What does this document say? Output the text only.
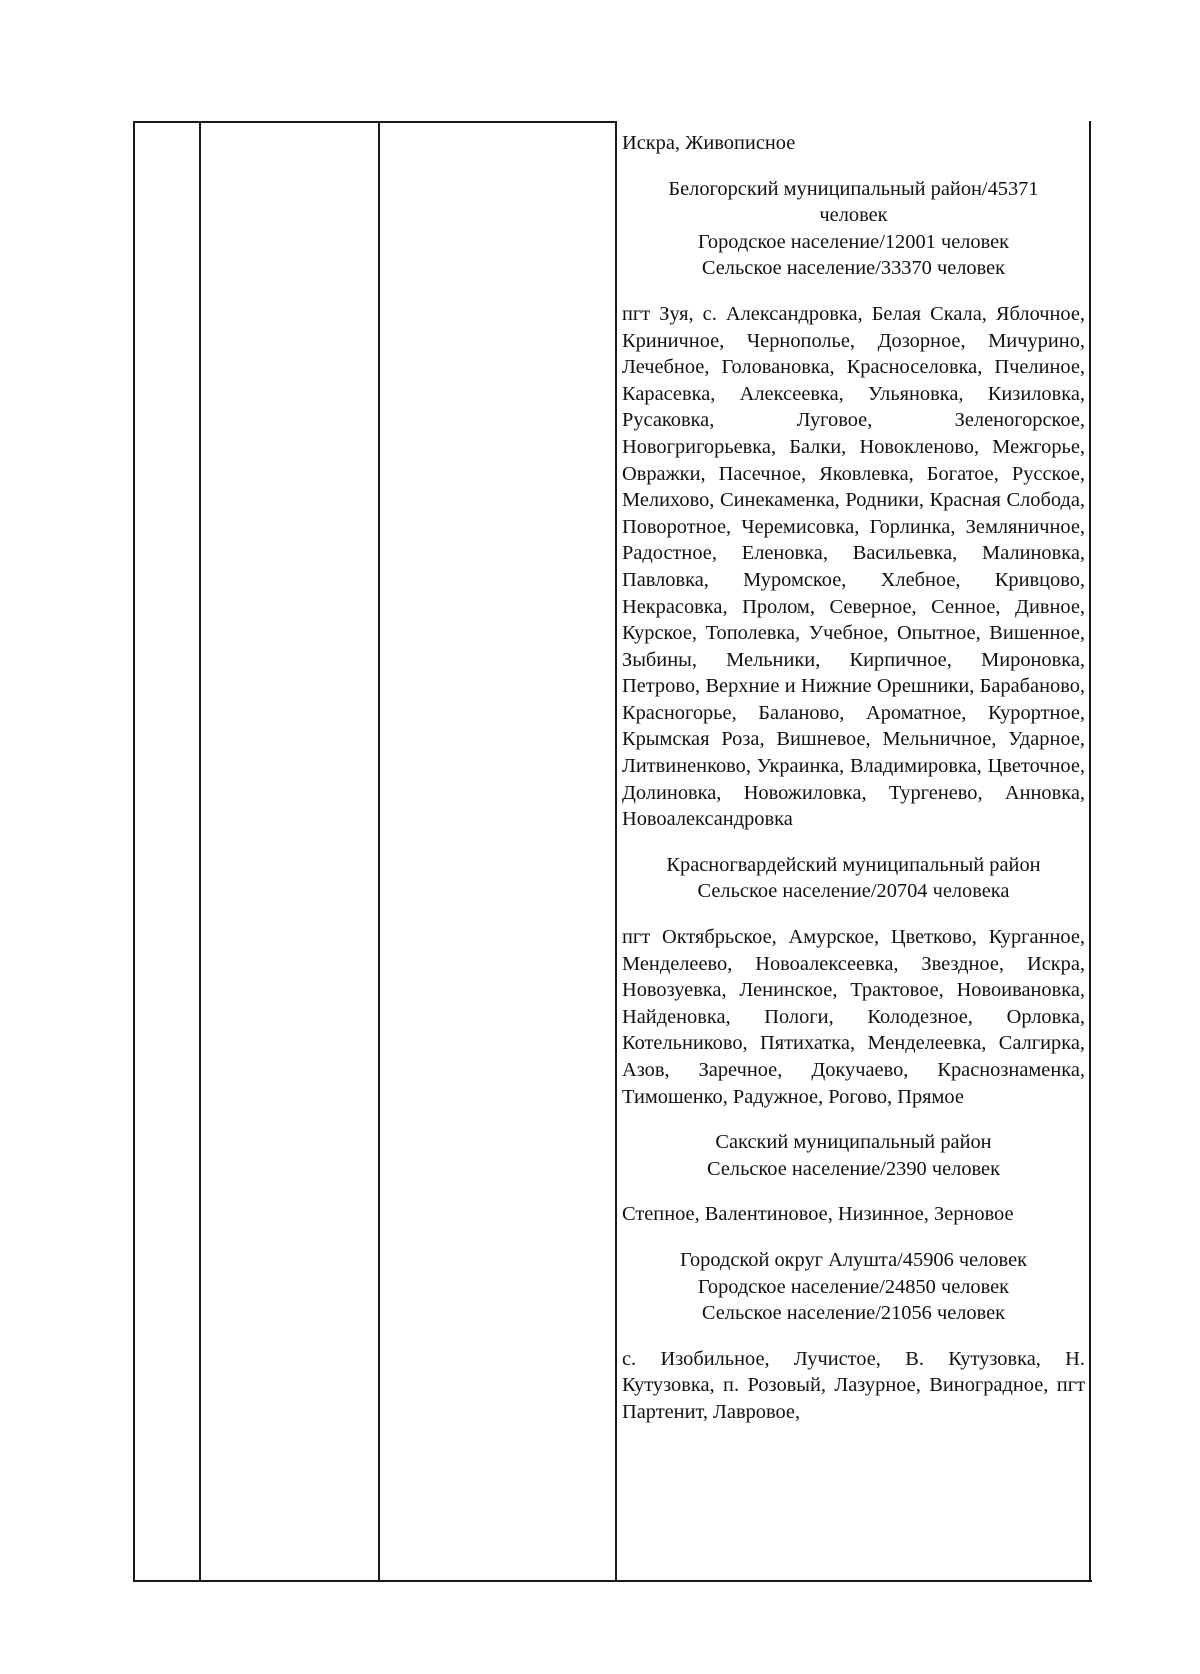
Искра, Живописное

Белогорский муниципальный район/45371

человек

Городское население/12001 человек

Сельское население/33370 человек

пгт Зуя, с. Александровка, Белая Скала, Яблочное, Криничное, Чернополье, Дозорное, Мичурино, Лечебное, Головановка, Красноселовка, Пчелиное, Карасевка, Алексеевка, Ульяновка, Кизиловка, Русаковка, Луговое, Зеленогорское, Новогригорьевка, Балки, Новокленово, Межгорье, Овражки, Пасечное, Яковлевка, Богатое, Русское, Мелихово, Синекаменка, Родники, Красная Слобода, Поворотное, Черемисовка, Горлинка, Земляничное, Радостное, Еленовка, Васильевка, Малиновка, Павловка, Муромское, Хлебное, Кривцово, Некрасовка, Пролом, Северное, Сенное, Дивное, Курское, Тополевка, Учебное, Опытное, Вишенное, Зыбины, Мельники, Кирпичное, Мироновка, Петрово, Верхние и Нижние Орешники, Барабаново, Красногорье, Баланово, Ароматное, Курортное, Крымская Роза, Вишневое, Мельничное, Ударное, Литвиненково, Украинка, Владимировка, Цветочное, Долиновка, Новожиловка, Тургенево, Анновка, Новоалександровка

Красногвардейский муниципальный район

Сельское население/20704 человека

пгт Октябрьское, Амурское, Цветково, Курганное, Менделеево, Новоалексеевка, Звездное, Искра, Новозуевка, Ленинское, Трактовое, Новоивановка, Найденовка, Пологи, Колодезное, Орловка, Котельниково, Пятихатка, Менделеевка, Салгирка, Азов, Заречное, Докучаево, Краснознаменка, Тимошенко, Радужное, Рогово, Прямое

Сакский муниципальный район

Сельское население/2390 человек

Степное, Валентиновое, Низинное, Зерновое

Городской округ Алушта/45906 человек

Городское население/24850 человек

Сельское население/21056 человек

с. Изобильное, Лучистое, В. Кутузовка, Н. Кутузовка, п. Розовый, Лазурное, Виноградное, пгт Партенит, Лавровое,
